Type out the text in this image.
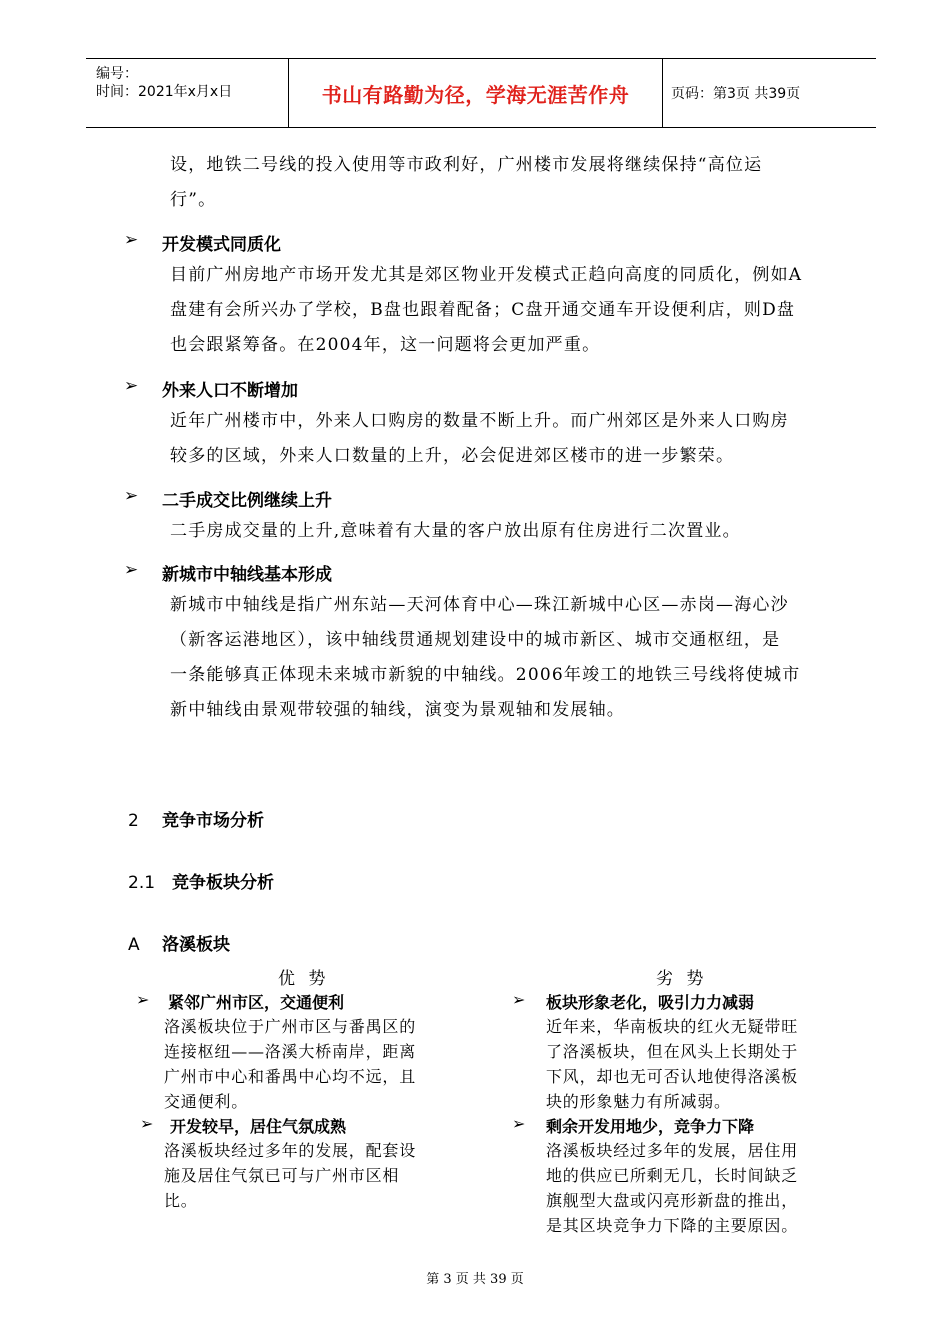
编号：
时间：2021年x月x日	书山有路勤为径，学海无涯苦作舟	页码：第3页 共39页
设，地铁二号线的投入使用等市政利好，广州楼市发展将继续保持“高位运
行”。
➢ 开发模式同质化
目前广州房地产市场开发尤其是郊区物业开发模式正趋向高度的同质化，例如A
盘建有会所兴办了学校，B盘也跟着配备；C盘开通交通车开设便利店，则D盘
也会跟紧筹备。在2004年，这一问题将会更加严重。
➢ 外来人口不断增加
近年广州楼市中，外来人口购房的数量不断上升。而广州郊区是外来人口购房
较多的区域，外来人口数量的上升，必会促进郊区楼市的进一步繁荣。
➢ 二手成交比例继续上升
二手房成交量的上升,意味着有大量的客户放出原有住房进行二次置业。
➢ 新城市中轴线基本形成
新城市中轴线是指广州东站—天河体育中心—珠江新城中心区—赤岗—海心沙
（新客运港地区），该中轴线贯通规划建设中的城市新区、城市交通枢纽，是
一条能够真正体现未来城市新貌的中轴线。2006年竣工的地铁三号线将使城市
新中轴线由景观带较强的轴线，演变为景观轴和发展轴。
2 竞争市场分析
2.1 竞争板块分析
A 洛溪板块
优 势
➢ 紧邻广州市区，交通便利
洛溪板块位于广州市区与番禺区的
连接枢纽——洛溪大桥南岸，距离
广州市中心和番禺中心均不远，且
交通便利。
➢ 开发较早，居住气氛成熟
洛溪板块经过多年的发展，配套设
施及居住气氛已可与广州市区相
比。
劣 势
➢ 板块形象老化，吸引力力减弱
近年来，华南板块的红火无疑带旺
了洛溪板块，但在风头上长期处于
下风，却也无可否认地使得洛溪板
块的形象魅力有所减弱。
➢ 剩余开发用地少，竞争力下降
洛溪板块经过多年的发展，居住用
地的供应已所剩无几，长时间缺乏
旗舰型大盘或闪亮形新盘的推出，
是其区块竞争力下降的主要原因。
第 3 页 共 39 页
